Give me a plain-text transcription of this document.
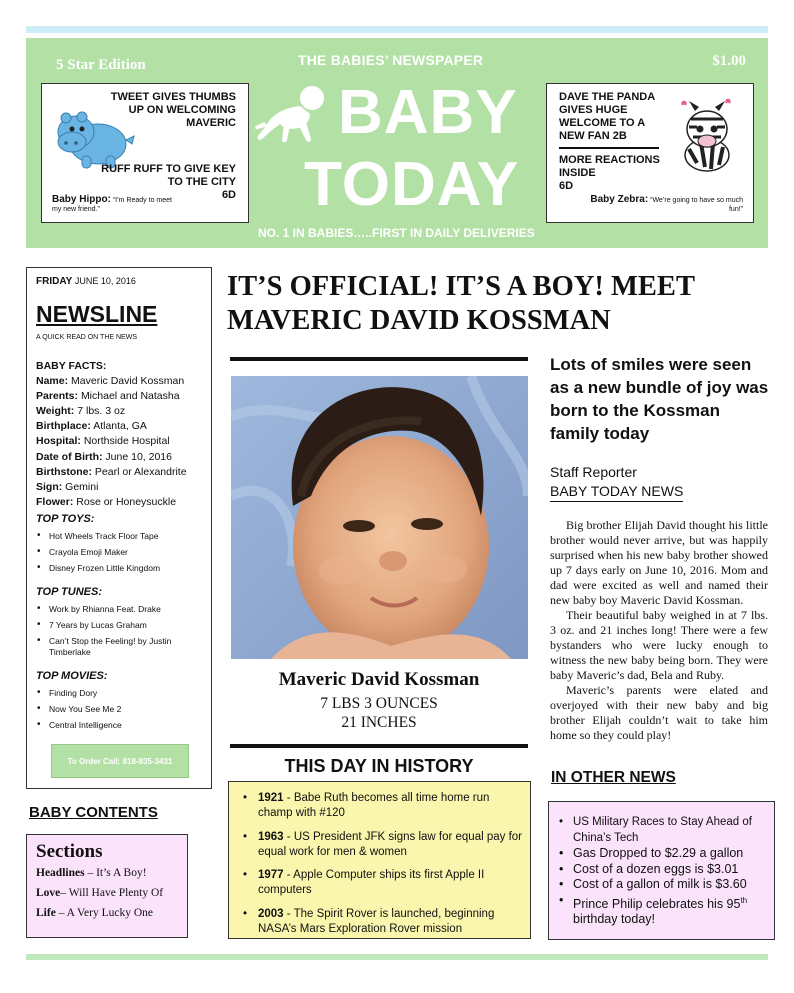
5 Star Edition	$1.00
THE BABIES’ NEWSPAPER
BABY
TODAY
NO. 1 IN BABIES…..FIRST IN DAILY DELIVERIES
TWEET GIVES THUMBS UP ON WELCOMING MAVERIC
RUFF RUFF TO GIVE KEY TO THE CITY
6D
Baby Hippo: “I’m Ready to meet my new friend.”
DAVE THE PANDA GIVES HUGE WELCOME TO A NEW FAN 2B
MORE REACTIONS INSIDE
6D
Baby Zebra: “We’re going to have so much fun!”
FRIDAY JUNE 10, 2016
NEWSLINE
A QUICK READ ON THE NEWS
BABY FACTS:
Name: Maveric David Kossman
Parents: Michael and Natasha
Weight: 7 lbs. 3 oz
Birthplace: Atlanta, GA
Hospital: Northside Hospital
Date of Birth: June 10, 2016
Birthstone: Pearl or Alexandrite
Sign: Gemini
Flower: Rose or Honeysuckle
TOP TOYS:
• Hot Wheels Track Floor Tape
• Crayola Emoji Maker
• Disney Frozen Little Kingdom
TOP TUNES:
• Work by Rhianna Feat. Drake
• 7 Years by Lucas Graham
• Can’t Stop the Feeling! by Justin Timberlake
TOP MOVIES:
• Finding Dory
• Now You See Me 2
• Central Intelligence
To Order Call: 818-835-3431
BABY CONTENTS
Sections
Headlines – It’s A Boy!
Love– Will Have Plenty Of
Life – A Very Lucky One
IT’S OFFICIAL! IT’S A BOY! MEET MAVERIC DAVID KOSSMAN
Maveric David Kossman
7 LBS 3 OUNCES
21 INCHES
THIS DAY IN HISTORY
• 1921 - Babe Ruth becomes all time home run champ with #120
• 1963 - US President JFK signs law for equal pay for equal work for men & women
• 1977 - Apple Computer ships its first Apple II computers
• 2003 - The Spirit Rover is launched, beginning NASA’s Mars Exploration Rover mission
Lots of smiles were seen as a new bundle of joy was born to the Kossman family today
Staff Reporter
BABY TODAY NEWS

Big brother Elijah David thought his little brother would never arrive, but was happily surprised when his new baby brother showed up 7 days early on June 10, 2016. Mom and dad were excited as well and named their new baby boy Maveric David Kossman.

Their beautiful baby weighed in at 7 lbs. 3 oz. and 21 inches long! There were a few bystanders who were lucky enough to witness the new baby being born. They were baby Maveric’s dad, Bela and Ruby.

Maveric’s parents were elated and overjoyed with their new baby and big brother Elijah couldn’t wait to take him home so they could play!

IN OTHER NEWS
• US Military Races to Stay Ahead of China’s Tech
• Gas Dropped to $2.29 a gallon
• Cost of a dozen eggs is $3.01
• Cost of a gallon of milk is $3.60
• Prince Philip celebrates his 95th birthday today!
